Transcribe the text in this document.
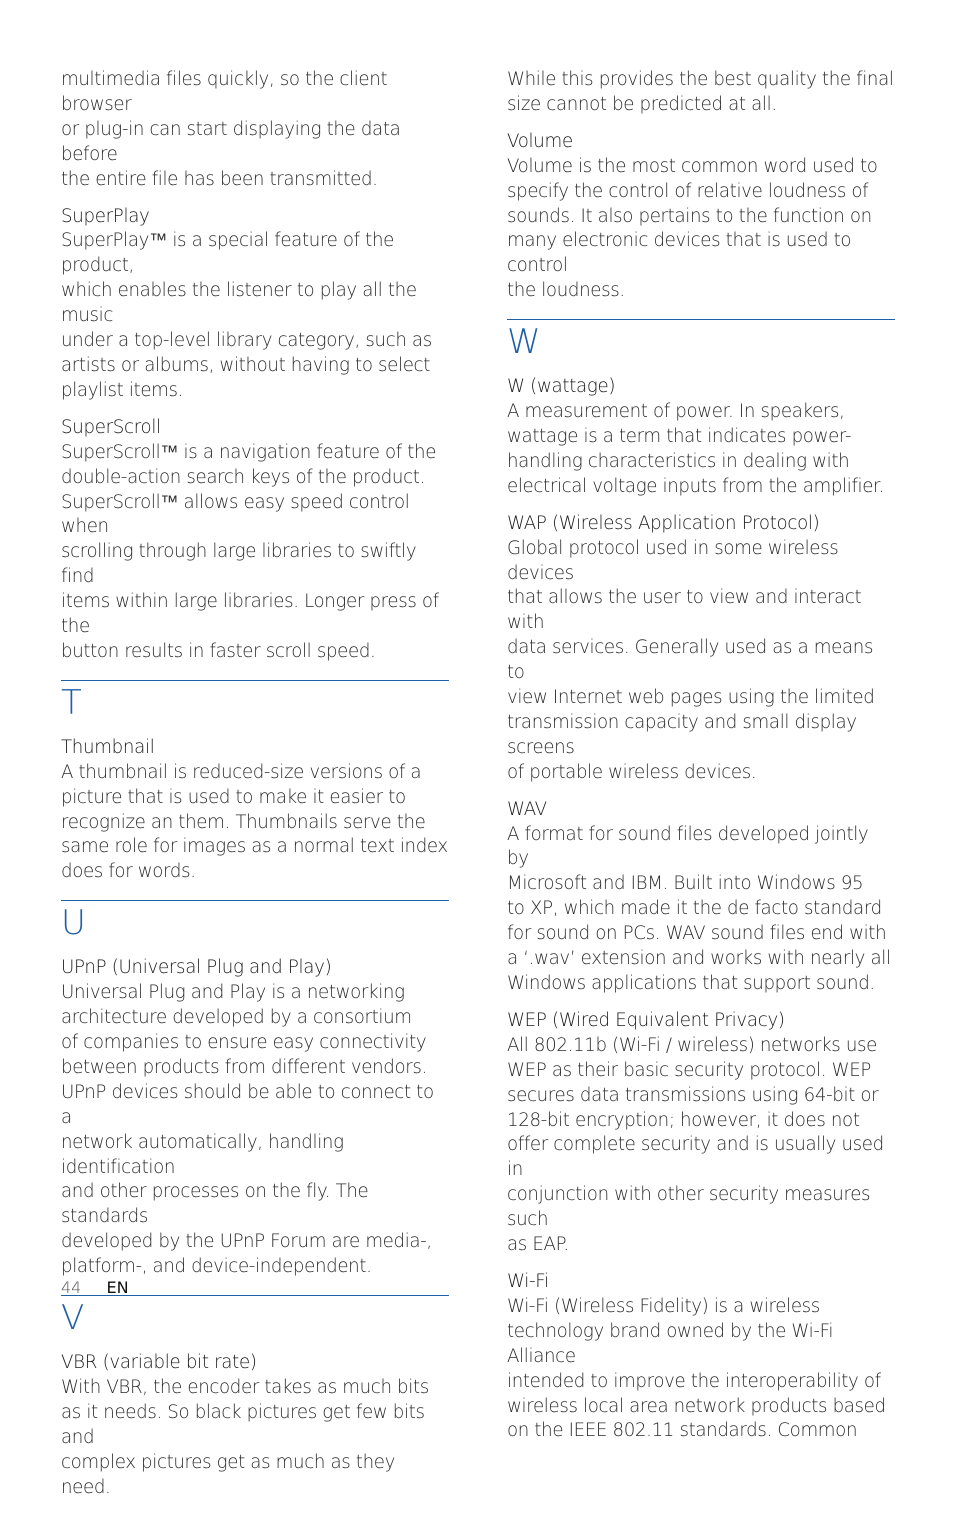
multimedia files quickly, so the client browser
or plug-in can start displaying the data before
the entire file has been transmitted.

SuperPlay

SuperPlay™ is a special feature of the product,
which enables the listener to play all the music
under a top-level library category, such as
artists or albums, without having to select
playlist items.

SuperScroll

SuperScroll™ is a navigation feature of the
double-action search keys of the product.
SuperScroll™ allows easy speed control when
scrolling through large libraries to swiftly find
items within large libraries. Longer press of the
button results in faster scroll speed.

T

Thumbnail

A thumbnail is reduced-size versions of a
picture that is used to make it easier to
recognize an them. Thumbnails serve the
same role for images as a normal text index
does for words.

U

UPnP (Universal Plug and Play)

Universal Plug and Play is a networking
architecture developed by a consortium
of companies to ensure easy connectivity
between products from different vendors.
UPnP devices should be able to connect to a
network automatically, handling identification
and other processes on the fly. The standards
developed by the UPnP Forum are media-,
platform-, and device-independent.

V

VBR (variable bit rate)

With VBR, the encoder takes as much bits
as it needs. So black pictures get few bits and
complex pictures get as much as they need.

While this provides the best quality the final
size cannot be predicted at all.

Volume

Volume is the most common word used to
specify the control of relative loudness of
sounds. It also pertains to the function on
many electronic devices that is used to control
the loudness.

W

W (wattage)

A measurement of power. In speakers,
wattage is a term that indicates power-
handling characteristics in dealing with
electrical voltage inputs from the amplifier.

WAP (Wireless Application Protocol)

Global protocol used in some wireless devices
that allows the user to view and interact with
data services. Generally used as a means to
view Internet web pages using the limited
transmission capacity and small display screens
of portable wireless devices.

WAV

A format for sound files developed jointly by
Microsoft and IBM. Built into Windows 95
to XP, which made it the de facto standard
for sound on PCs. WAV sound files end with
a ‘.wav’ extension and works with nearly all
Windows applications that support sound.

WEP (Wired Equivalent Privacy)

All 802.11b (Wi-Fi / wireless) networks use
WEP as their basic security protocol. WEP
secures data transmissions using 64-bit or
128-bit encryption; however, it does not
offer complete security and is usually used in
conjunction with other security measures such
as EAP.

Wi-Fi

Wi-Fi (Wireless Fidelity) is a wireless
technology brand owned by the Wi-Fi Alliance
intended to improve the interoperability of
wireless local area network products based
on the IEEE 802.11 standards. Common

44 EN
